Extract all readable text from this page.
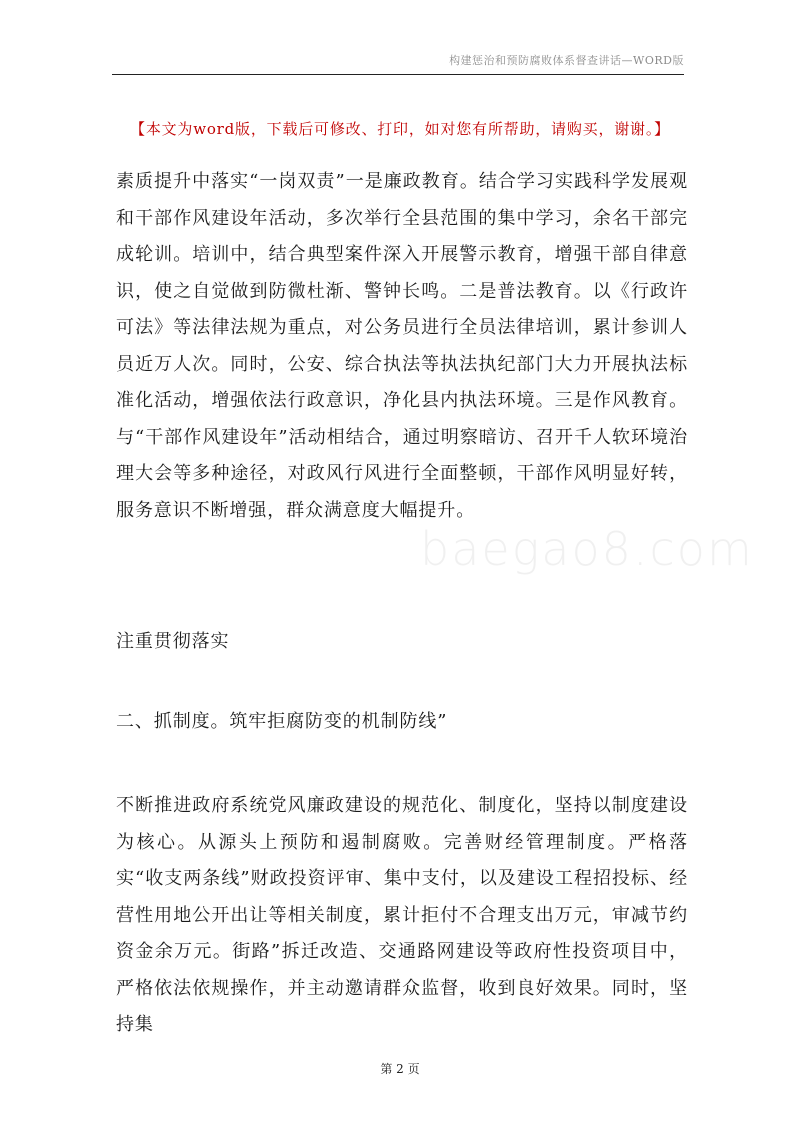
构建惩治和预防腐败体系督查讲话—WORD版
【本文为word版，下载后可修改、打印，如对您有所帮助，请购买，谢谢。】
baegao8.com

素质提升中落实“一岗双责”一是廉政教育。结合学习实践科学发展观和干部作风建设年活动，多次举行全县范围的集中学习，余名干部完成轮训。培训中，结合典型案件深入开展警示教育，增强干部自律意识，使之自觉做到防微杜渐、警钟长鸣。二是普法教育。以《行政许可法》等法律法规为重点，对公务员进行全员法律培训，累计参训人员近万人次。同时，公安、综合执法等执法执纪部门大力开展执法标准化活动，增强依法行政意识，净化县内执法环境。三是作风教育。与“干部作风建设年”活动相结合，通过明察暗访、召开千人软环境治理大会等多种途径，对政风行风进行全面整顿，干部作风明显好转，服务意识不断增强，群众满意度大幅提升。

注重贯彻落实

二、抓制度。筑牢拒腐防变的机制防线”

不断推进政府系统党风廉政建设的规范化、制度化，坚持以制度建设为核心。从源头上预防和遏制腐败。完善财经管理制度。严格落实“收支两条线”财政投资评审、集中支付，以及建设工程招投标、经营性用地公开出让等相关制度，累计拒付不合理支出万元，审减节约资金余万元。街路”拆迁改造、交通路网建设等政府性投资项目中，严格依法依规操作，并主动邀请群众监督，收到良好效果。同时，坚持集

第 2 页
